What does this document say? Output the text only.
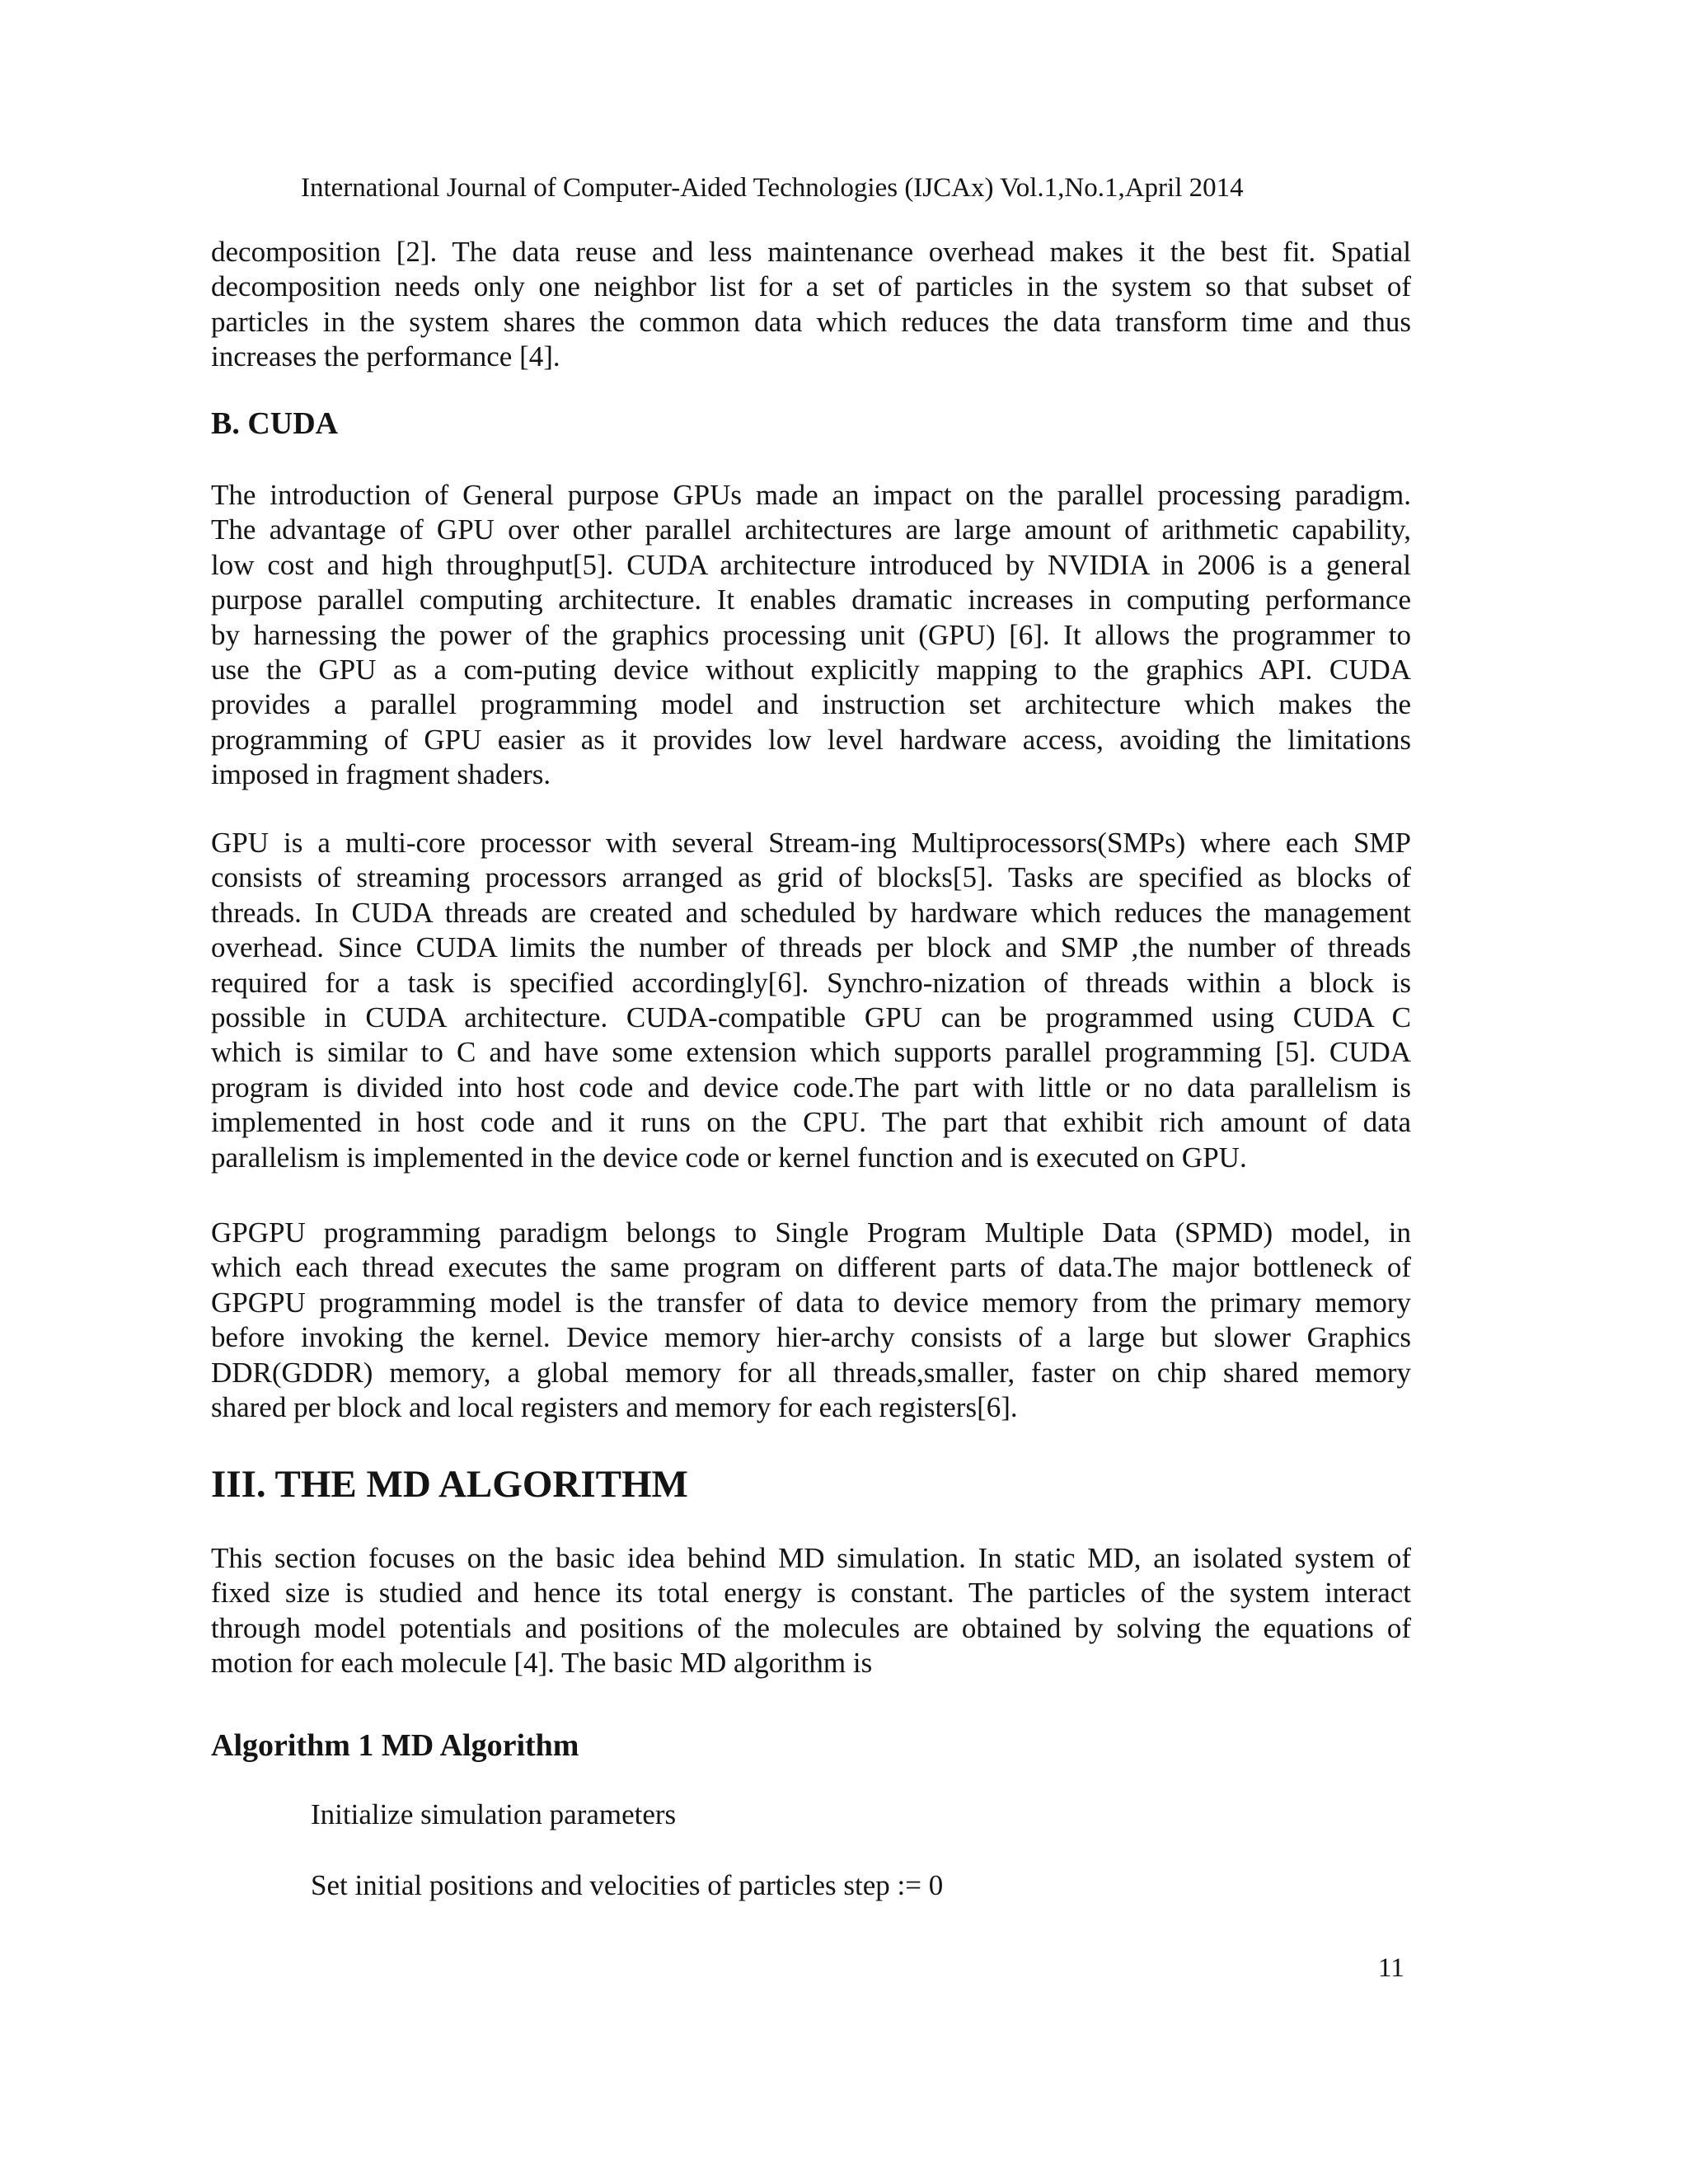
International Journal of Computer-Aided Technologies (IJCAx) Vol.1,No.1,April 2014

decomposition [2]. The data reuse and less maintenance overhead makes it the best fit. Spatial
decomposition needs only one neighbor list for a set of particles in the system so that subset of
particles in the system shares the common data which reduces the data transform time and thus
increases the performance [4].

B. CUDA

The introduction of General purpose GPUs made an impact on the parallel processing paradigm.
The advantage of GPU over other parallel architectures are large amount of arithmetic capability,
low cost and high throughput[5]. CUDA architecture introduced by NVIDIA in 2006 is a general
purpose parallel computing architecture. It enables dramatic increases in computing performance
by harnessing the power of the graphics processing unit (GPU) [6]. It allows the programmer to
use the GPU as a com-puting device without explicitly mapping to the graphics API. CUDA
provides a parallel programming model and instruction set architecture which makes the
programming of GPU easier as it provides low level hardware access, avoiding the limitations
imposed in fragment shaders.

GPU is a multi-core processor with several Stream-ing Multiprocessors(SMPs) where each SMP
consists of streaming processors arranged as grid of blocks[5]. Tasks are specified as blocks of
threads. In CUDA threads are created and scheduled by hardware which reduces the management
overhead. Since CUDA limits the number of threads per block and SMP ,the number of threads
required for a task is specified accordingly[6]. Synchro-nization of threads within a block is
possible in CUDA architecture. CUDA-compatible GPU can be programmed using CUDA C
which is similar to C and have some extension which supports parallel programming [5]. CUDA
program is divided into host code and device code.The part with little or no data parallelism is
implemented in host code and it runs on the CPU. The part that exhibit rich amount of data
parallelism is implemented in the device code or kernel function and is executed on GPU.

GPGPU programming paradigm belongs to Single Program Multiple Data (SPMD) model, in
which each thread executes the same program on different parts of data.The major bottleneck of
GPGPU programming model is the transfer of data to device memory from the primary memory
before invoking the kernel. Device memory hier-archy consists of a large but slower Graphics
DDR(GDDR) memory, a global memory for all threads,smaller, faster on chip shared memory
shared per block and local registers and memory for each registers[6].

III. THE MD ALGORITHM

This section focuses on the basic idea behind MD simulation. In static MD, an isolated system of
fixed size is studied and hence its total energy is constant. The particles of the system interact
through model potentials and positions of the molecules are obtained by solving the equations of
motion for each molecule [4]. The basic MD algorithm is

Algorithm 1 MD Algorithm
Initialize simulation parameters
Set initial positions and velocities of particles step := 0
11
